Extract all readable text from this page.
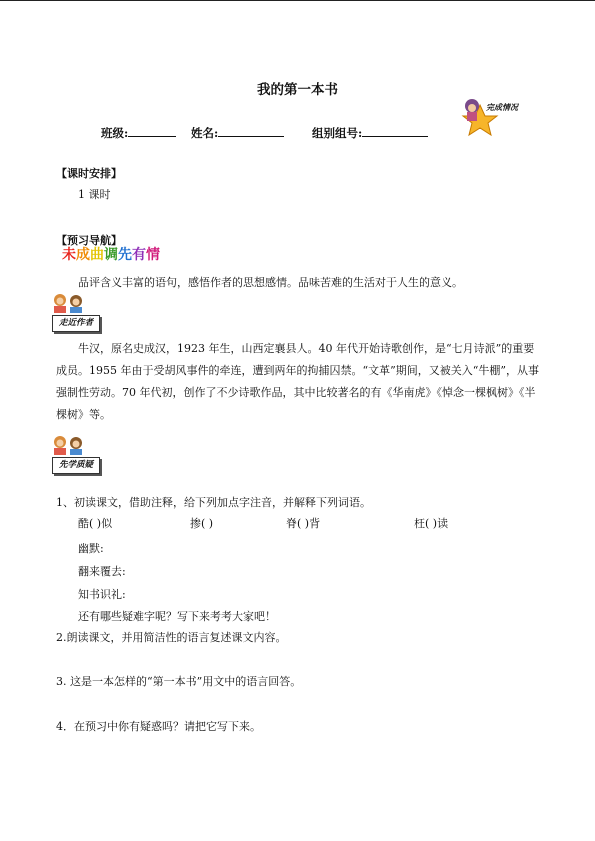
我的第一本书
班级:	姓名:	组别组号:
完成情况
【课时安排】
1 课时
【预习导航】
未成曲调先有情
品评含义丰富的语句，感悟作者的思想感情。品味苦难的生活对于人生的意义。
走近作者
牛汉，原名史成汉，1923 年生，山西定襄县人。40 年代开始诗歌创作，是“七月诗派”的重要成员。1955 年由于受胡风事件的牵连，遭到两年的拘捕囚禁。“文革”期间，又被关入“牛棚”，从事强制性劳动。70 年代初，创作了不少诗歌作品，其中比较著名的有《华南虎》《悼念一棵枫树》《半棵树》等。
先学质疑
1、初读课文，借助注释，给下列加点字注音，并解释下列词语。
酷( )似	掺( )	脊( )背	枉( )读
幽默:
翻来覆去:
知书识礼:
还有哪些疑难字呢？写下来考考大家吧！
2.朗读课文，并用简洁性的语言复述课文内容。
3. 这是一本怎样的“第一本书”用文中的语言回答。
4．在预习中你有疑惑吗？请把它写下来。
